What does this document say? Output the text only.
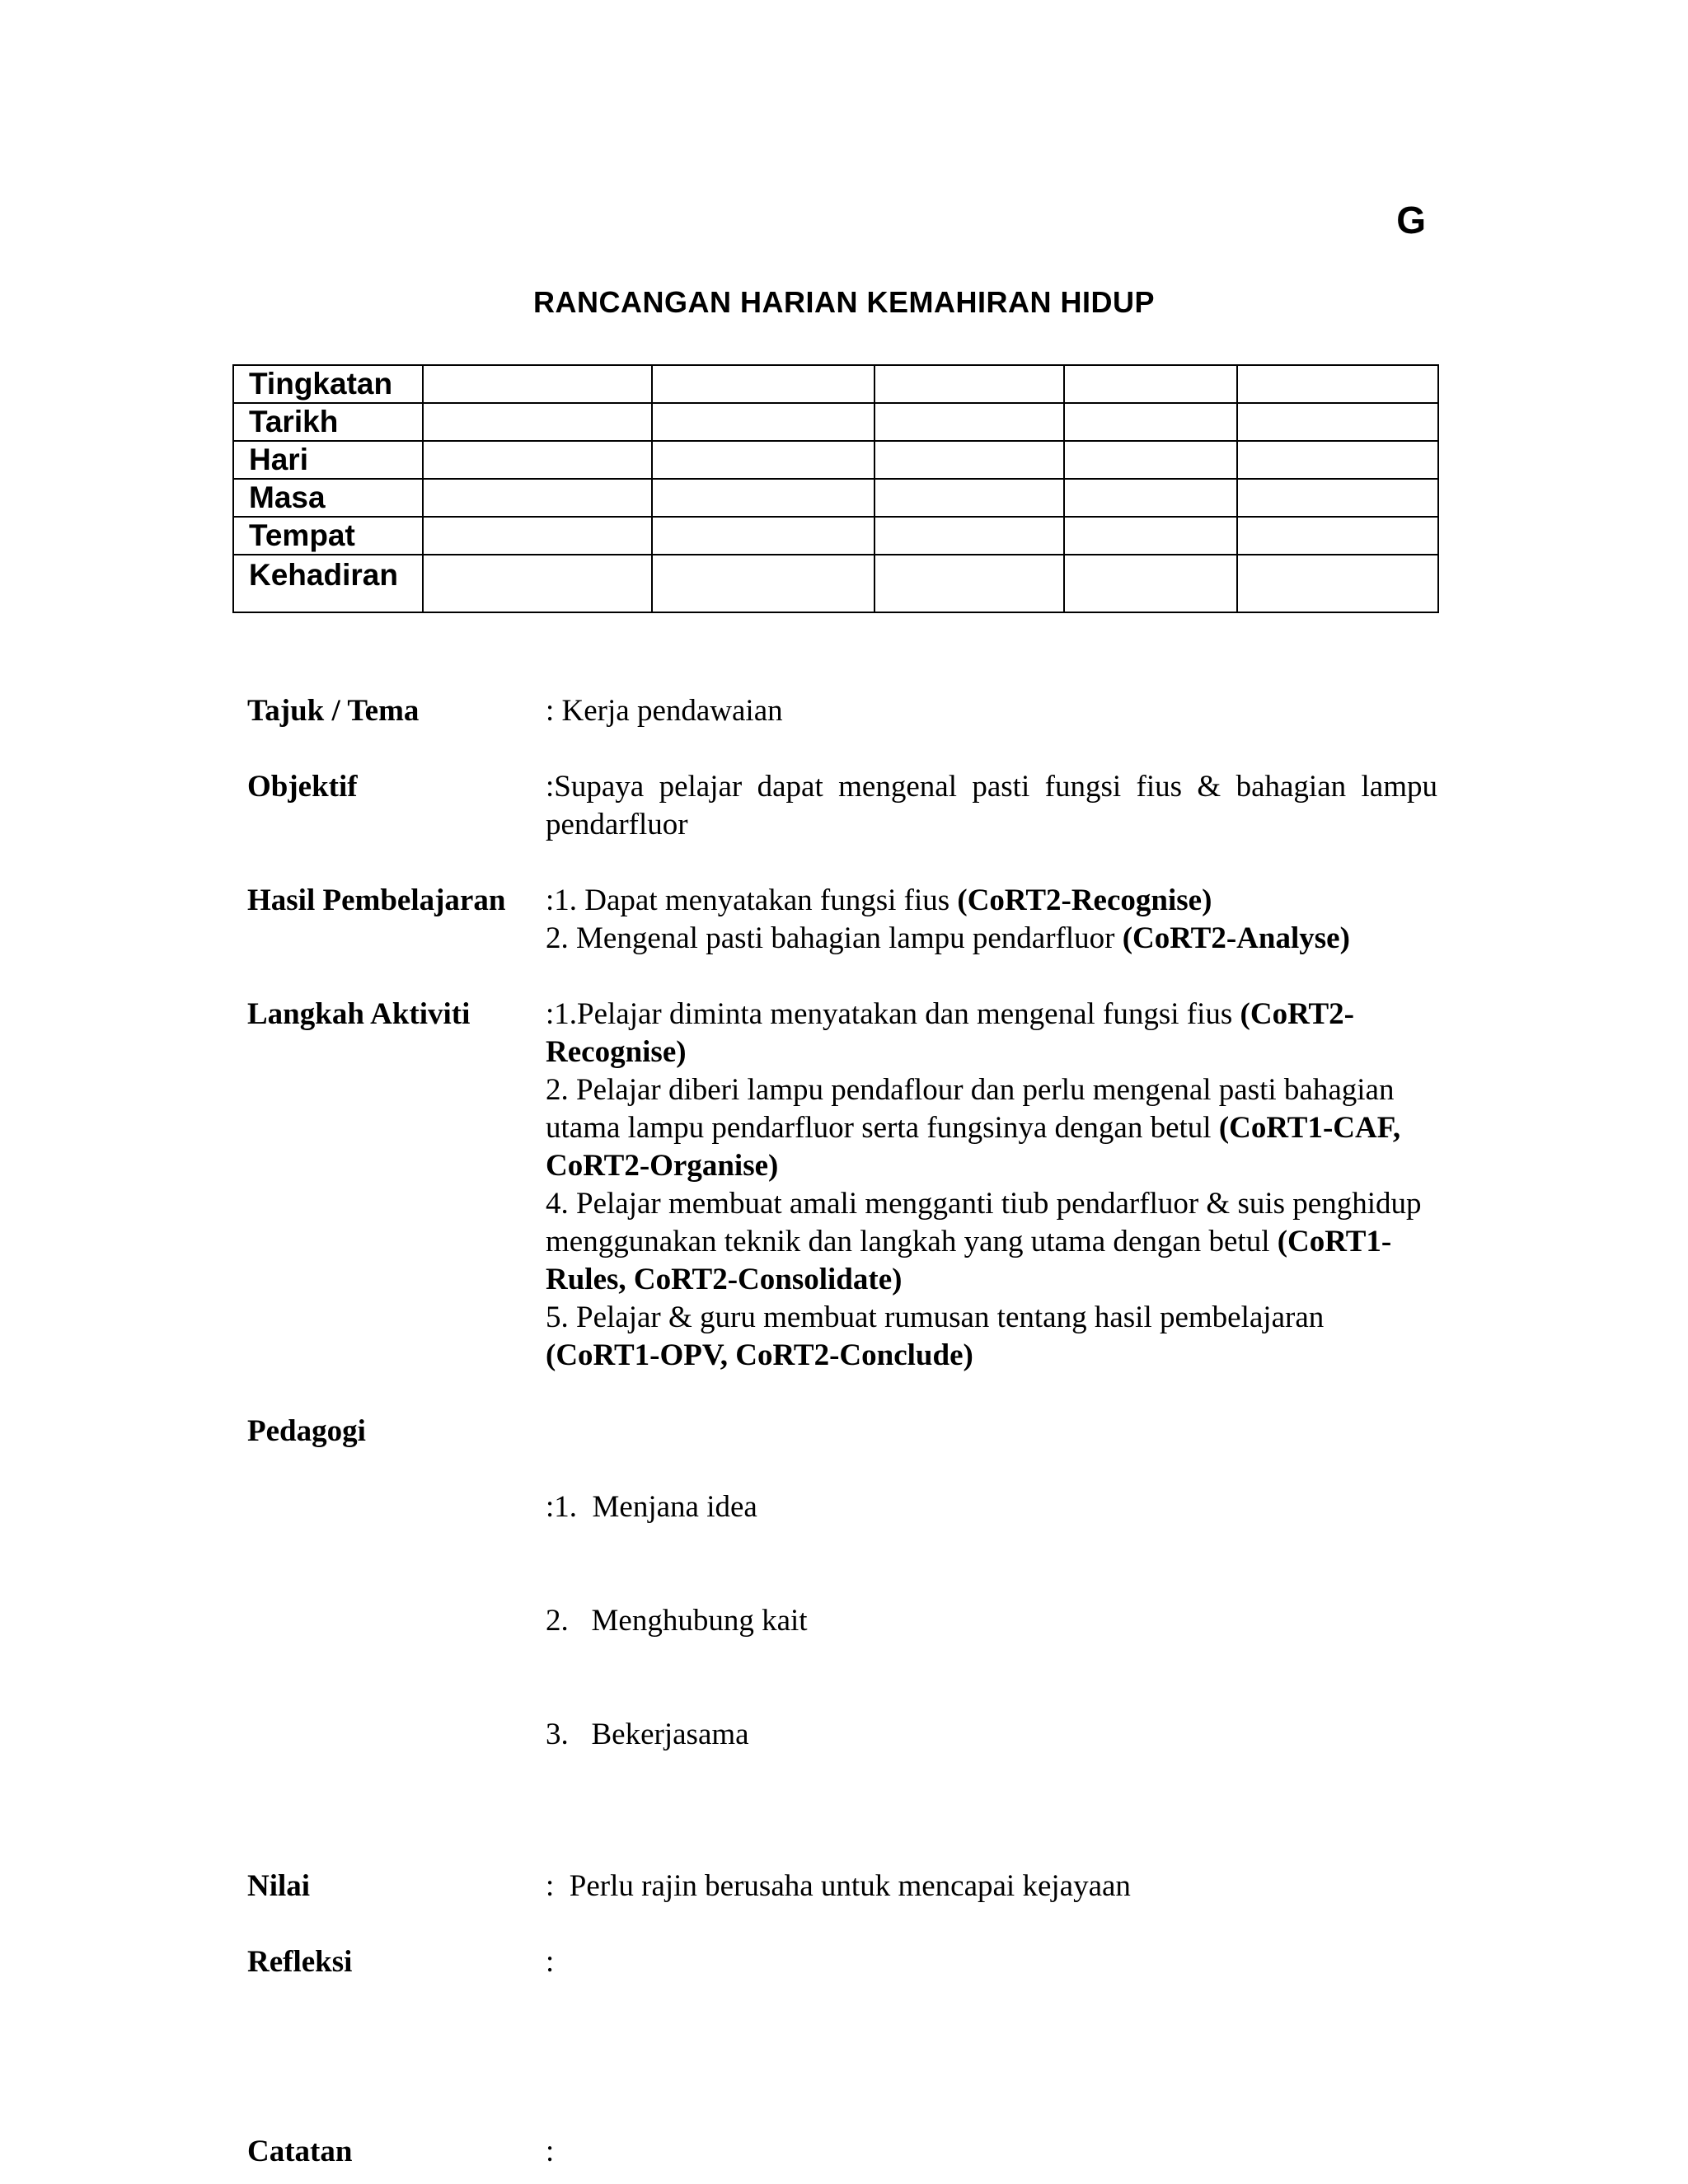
G
RANCANGAN HARIAN KEMAHIRAN HIDUP
Tingkatan					
Tarikh					
Hari					
Masa					
Tempat					
Kehadiran					
Tajuk / Tema	: Kerja pendawaian
Objektif	:Supaya pelajar dapat mengenal pasti fungsi fius & bahagian lampu pendarfluor
Hasil Pembelajaran	:1. Dapat menyatakan fungsi fius (CoRT2-Recognise)
2. Mengenal pasti bahagian lampu pendarfluor (CoRT2-Analyse)
Langkah Aktiviti	:1.Pelajar diminta menyatakan dan mengenal fungsi fius (CoRT2-Recognise)
2. Pelajar diberi lampu pendaflour dan perlu mengenal pasti bahagian utama lampu pendarfluor serta fungsinya dengan betul (CoRT1-CAF, CoRT2-Organise)
4. Pelajar membuat amali mengganti tiub pendarfluor & suis penghidup menggunakan teknik dan langkah yang utama dengan betul (CoRT1-Rules, CoRT2-Consolidate)
5. Pelajar & guru membuat rumusan tentang hasil pembelajaran (CoRT1-OPV, CoRT2-Conclude)
Pedagogi

:1.  Menjana idea

2.   Menghubung kait

3.   Bekerjasama

Nilai	:  Perlu rajin berusaha untuk mencapai kejayaan
Refleksi	:
Catatan	:
